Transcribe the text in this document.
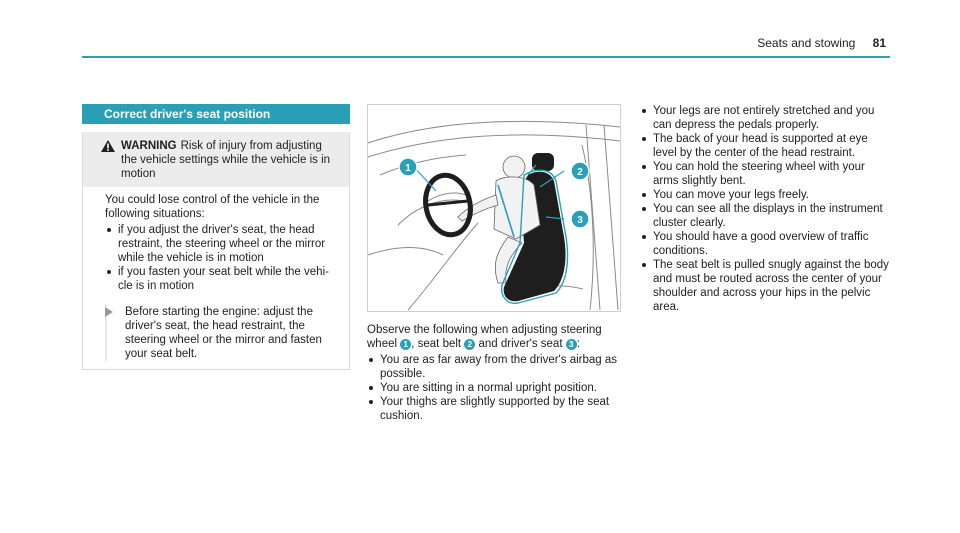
Seats and stowing 81
Correct driver's seat position
WARNING Risk of injury from adjusting the vehicle settings while the vehicle is in motion
You could lose control of the vehicle in the following situations:
if you adjust the driver's seat, the head restraint, the steering wheel or the mirror while the vehicle is in motion
if you fasten your seat belt while the vehi- cle is in motion
Before starting the engine: adjust the driver's seat, the head restraint, the steering wheel or the mirror and fasten your seat belt.
1	2
3
Observe the following when adjusting steering wheel 1 , seat belt 2 and driver's seat 3 :
You are as far away from the driver's airbag as possible.
You are sitting in a normal upright position.
Your thighs are slightly supported by the seat cushion.
Your legs are not entirely stretched and you can depress the pedals properly.
The back of your head is supported at eye level by the center of the head restraint.
You can hold the steering wheel with your arms slightly bent.
You can move your legs freely.
You can see all the displays in the instrument cluster clearly.
You should have a good overview of traffic conditions.
The seat belt is pulled snugly against the body and must be routed across the center of your shoulder and across your hips in the pelvic area.
